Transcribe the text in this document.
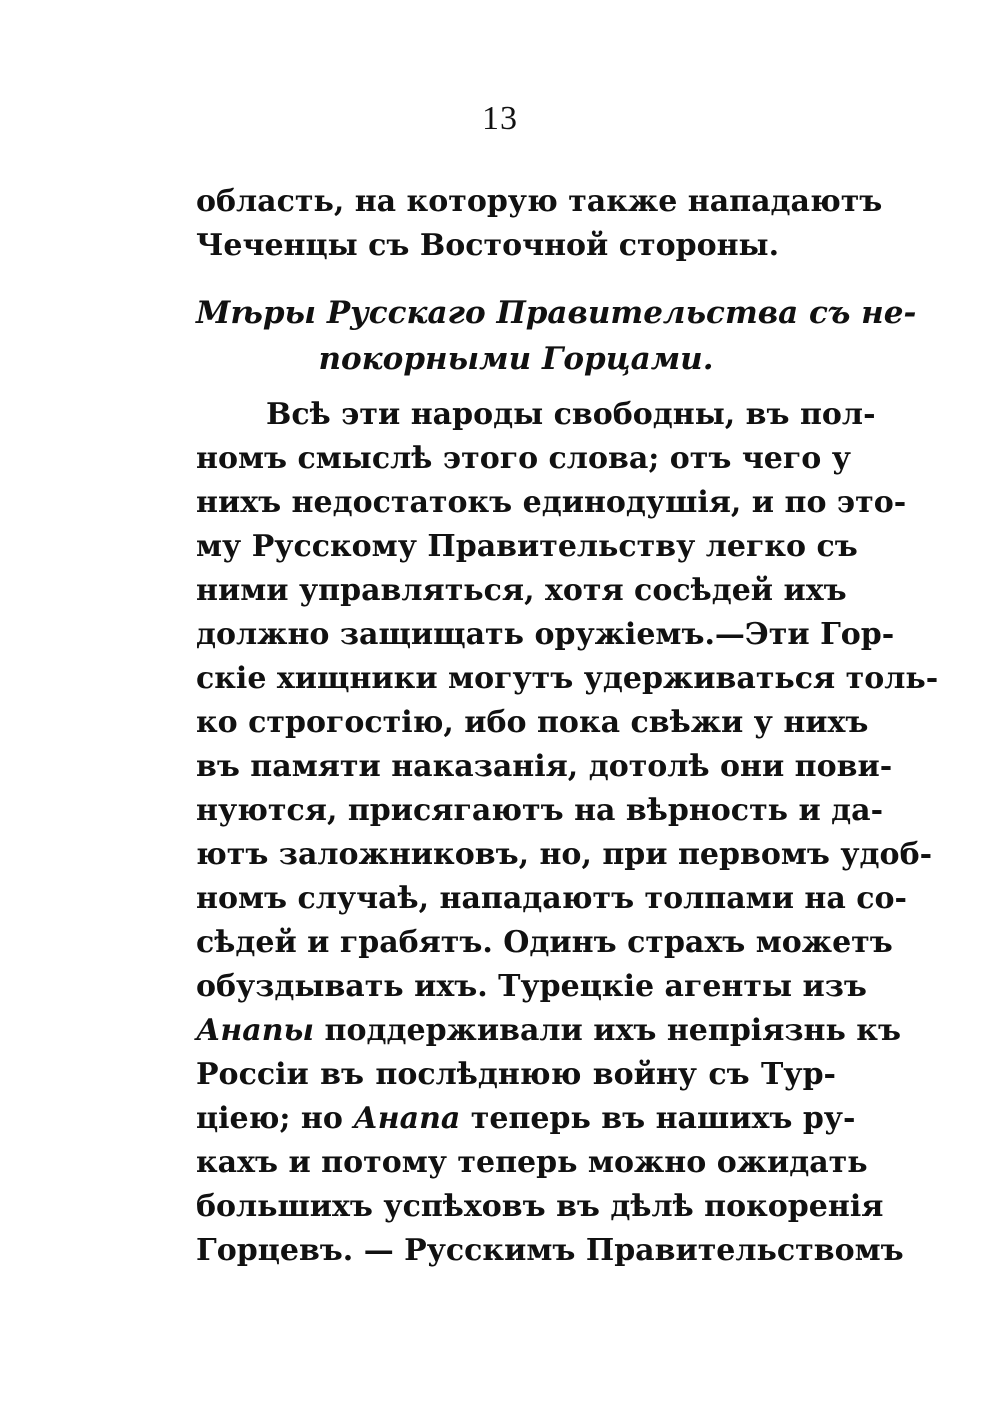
13
область, на которую также нападаютъ
Чеченцы съ Восточной стороны.
Мѣры Русскаго Правительства съ не-
покорными Горцами.
Всѣ эти народы свободны, въ пол-
номъ смыслѣ этого слова; отъ чего у
нихъ недостатокъ единодушія, и по это-
му Русскому Правительству легко съ
ними управляться, хотя сосѣдей ихъ
должно защищать оружіемъ.—Эти Гор-
скіе хищники могутъ удерживаться толь-
ко строгостію, ибо пока свѣжи у нихъ
въ памяти наказанія, дотолѣ они пови-
нуются, присягаютъ на вѣрность и да-
ютъ заложниковъ, но, при первомъ удоб-
номъ случаѣ, нападаютъ толпами на со-
сѣдей и грабятъ. Одинъ страхъ можетъ
обуздывать ихъ. Турецкіе агенты изъ
Анапы поддерживали ихъ непріязнь къ
Россіи въ послѣднюю войну съ Тур-
ціею; но Анапа теперь въ нашихъ ру-
кахъ и потому теперь можно ожидать
большихъ успѣховъ въ дѣлѣ покоренія
Горцевъ. — Русскимъ Правительствомъ
